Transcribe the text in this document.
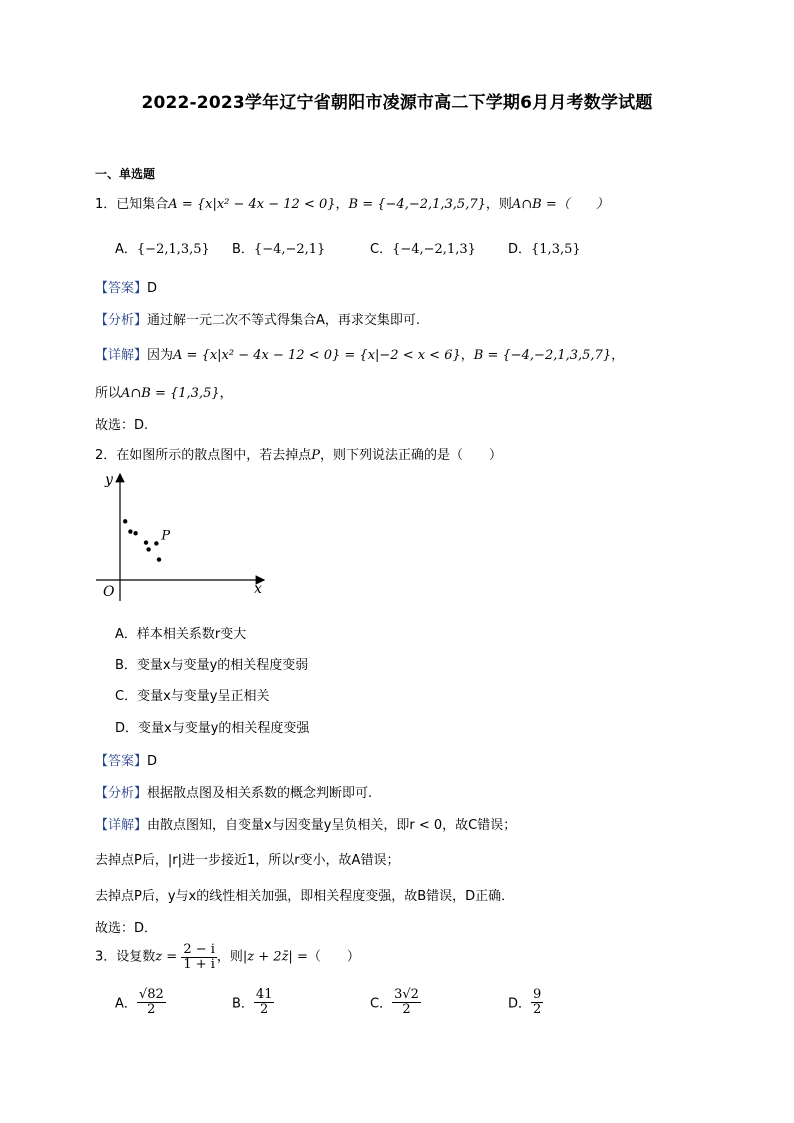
2022-2023学年辽宁省朝阳市凌源市高二下学期6月月考数学试题
一、单选题
1．已知集合A = {x|x² − 4x − 12 < 0}，B = {−4,−2,1,3,5,7}，则A∩B =（　　）
A．{−2,1,3,5} B．{−4,−2,1}	C．{−4,−2,1,3} D．{1,3,5}
【答案】D
【分析】通过解一元二次不等式得集合A，再求交集即可.
【详解】因为A = {x|x² − 4x − 12 < 0} = {x|−2 < x < 6}，B = {−4,−2,1,3,5,7}，
所以A∩B = {1,3,5}，
故选：D.
2．在如图所示的散点图中，若去掉点P，则下列说法正确的是（　　）
y
x
O
P
A．样本相关系数r变大
B．变量x与变量y的相关程度变弱
C．变量x与变量y呈正相关
D．变量x与变量y的相关程度变强
【答案】D
【分析】根据散点图及相关系数的概念判断即可.
【详解】由散点图知，自变量x与因变量y呈负相关，即r < 0，故C错误；
去掉点P后，|r|进一步接近1，所以r变小，故A错误；
去掉点P后，y与x的线性相关加强，即相关程度变强，故B错误，D正确．
故选：D．
3．设复数$z = \frac{2 - i}{1 + i}$ ，则|z + 2z̄| =（　　）
A． $\frac{√82}{2}$	B． $\frac{41}{2}$	C． $\frac{3√2}{2}$	D． $\frac{9}{2}$
